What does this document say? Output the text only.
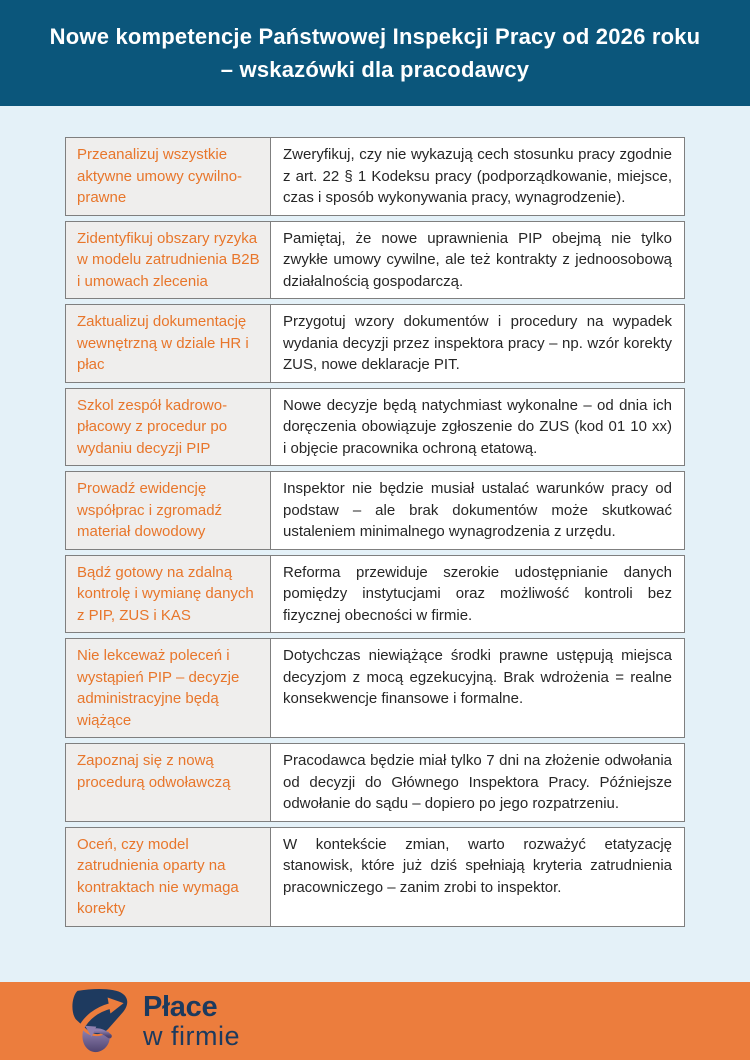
Nowe kompetencje Państwowej Inspekcji Pracy od 2026 roku
– wskazówki dla pracodawcy
Przeanalizuj wszystkie aktywne umowy cywilno-prawne
Zweryfikuj, czy nie wykazują cech stosunku pracy zgodnie z art. 22 § 1 Kodeksu pracy (podporządkowanie, miejsce, czas i sposób wykonywania pracy, wynagrodzenie).
Zidentyfikuj obszary ryzyka w modelu zatrudnienia B2B i umowach zlecenia
Pamiętaj, że nowe uprawnienia PIP obejmą nie tylko zwykłe umowy cywilne, ale też kontrakty z jednoosobową działalnością gospodarczą.
Zaktualizuj dokumentację wewnętrzną w dziale HR i płac
Przygotuj wzory dokumentów i procedury na wypadek wydania decyzji przez inspektora pracy – np. wzór korekty ZUS, nowe deklaracje PIT.
Szkol zespół kadrowo-płacowy z procedur po wydaniu decyzji PIP
Nowe decyzje będą natychmiast wykonalne – od dnia ich doręczenia obowiązuje zgłoszenie do ZUS (kod 01 10 xx) i objęcie pracownika ochroną etatową.
Prowadź ewidencję współprac i zgromadź materiał dowodowy
Inspektor nie będzie musiał ustalać warunków pracy od podstaw – ale brak dokumentów może skutkować ustaleniem minimalnego wynagrodzenia z urzędu.
Bądź gotowy na zdalną kontrolę i wymianę danych z PIP, ZUS i KAS
Reforma przewiduje szerokie udostępnianie danych pomiędzy instytucjami oraz możliwość kontroli bez fizycznej obecności w firmie.
Nie lekceważ poleceń i wystąpień PIP – decyzje administracyjne będą wiążące
Dotychczas niewiążące środki prawne ustępują miejsca decyzjom z mocą egzekucyjną. Brak wdrożenia = realne konsekwencje finansowe i formalne.
Zapoznaj się z nową procedurą odwoławczą
Pracodawca będzie miał tylko 7 dni na złożenie odwołania od decyzji do Głównego Inspektora Pracy. Późniejsze odwołanie do sądu – dopiero po jego rozpatrzeniu.
Oceń, czy model zatrudnienia oparty na kontraktach nie wymaga korekty
W kontekście zmian, warto rozważyć etatyzację stanowisk, które już dziś spełniają kryteria zatrudnienia pracowniczego – zanim zrobi to inspektor.
Płace
w firmie
